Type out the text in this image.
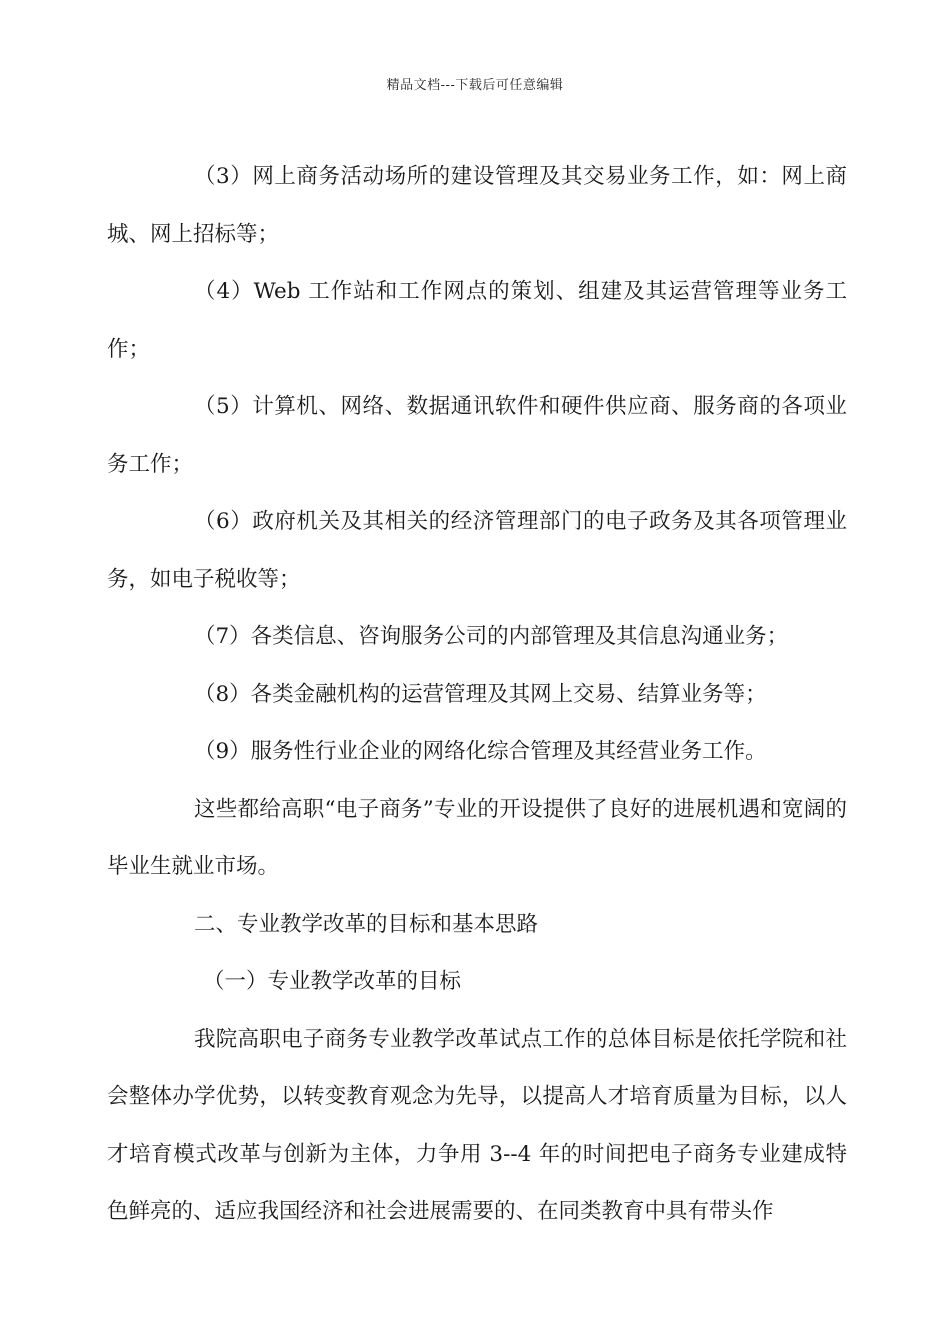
精品文档---下载后可任意编辑

（3）网上商务活动场所的建设管理及其交易业务工作，如：网上商城、网上招标等；

（4）Web 工作站和工作网点的策划、组建及其运营管理等业务工作；

（5）计算机、网络、数据通讯软件和硬件供应商、服务商的各项业务工作；

（6）政府机关及其相关的经济管理部门的电子政务及其各项管理业务，如电子税收等；

（7）各类信息、咨询服务公司的内部管理及其信息沟通业务；

（8）各类金融机构的运营管理及其网上交易、结算业务等；

（9）服务性行业企业的网络化综合管理及其经营业务工作。

这些都给高职“电子商务”专业的开设提供了良好的进展机遇和宽阔的毕业生就业市场。

二、专业教学改革的目标和基本思路

（一）专业教学改革的目标

我院高职电子商务专业教学改革试点工作的总体目标是依托学院和社会整体办学优势，以转变教育观念为先导，以提高人才培育质量为目标，以人才培育模式改革与创新为主体，力争用 3--4 年的时间把电子商务专业建成特色鲜亮的、适应我国经济和社会进展需要的、在同类教育中具有带头作
